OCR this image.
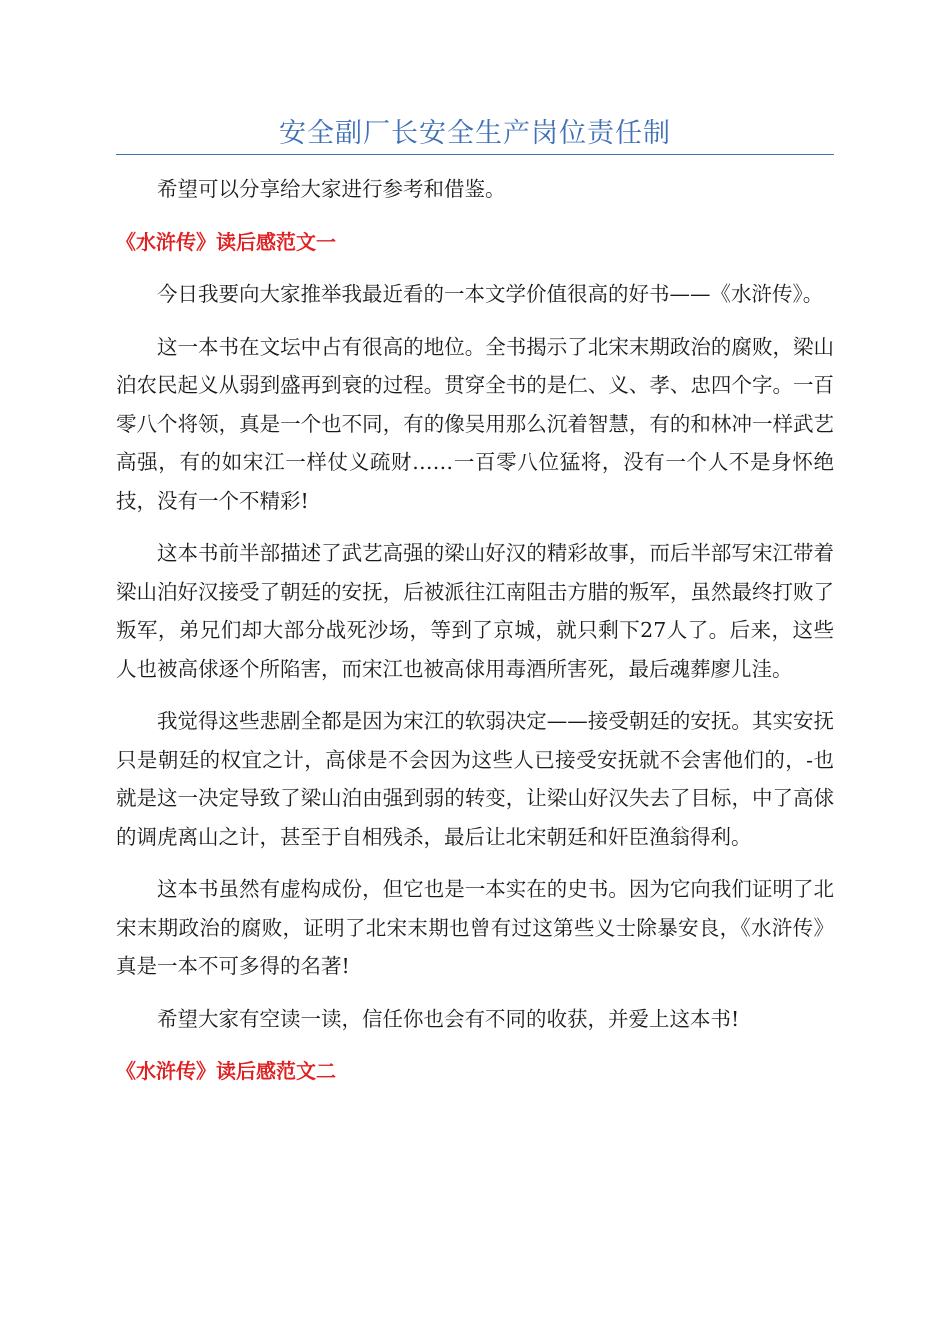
安全副厂长安全生产岗位责任制

希望可以分享给大家进行参考和借鉴。

《水浒传》读后感范文一

今日我要向大家推举我最近看的一本文学价值很高的好书——《水浒传》。

这一本书在文坛中占有很高的地位。全书揭示了北宋末期政治的腐败，梁山泊农民起义从弱到盛再到衰的过程。贯穿全书的是仁、义、孝、忠四个字。一百零八个将领，真是一个也不同，有的像吴用那么沉着智慧，有的和林冲一样武艺高强，有的如宋江一样仗义疏财……一百零八位猛将，没有一个人不是身怀绝技，没有一个不精彩!

这本书前半部描述了武艺高强的梁山好汉的精彩故事，而后半部写宋江带着梁山泊好汉接受了朝廷的安抚，后被派往江南阻击方腊的叛军，虽然最终打败了叛军，弟兄们却大部分战死沙场，等到了京城，就只剩下27人了。后来，这些人也被高俅逐个所陷害，而宋江也被高俅用毒酒所害死，最后魂葬廖儿洼。

我觉得这些悲剧全都是因为宋江的软弱决定——接受朝廷的安抚。其实安抚只是朝廷的权宜之计，高俅是不会因为这些人已接受安抚就不会害他们的，-也就是这一决定导致了梁山泊由强到弱的转变，让梁山好汉失去了目标，中了高俅的调虎离山之计，甚至于自相残杀，最后让北宋朝廷和奸臣渔翁得利。

这本书虽然有虚构成份，但它也是一本实在的史书。因为它向我们证明了北宋末期政治的腐败，证明了北宋末期也曾有过这第些义士除暴安良，《水浒传》真是一本不可多得的名著!

希望大家有空读一读，信任你也会有不同的收获，并爱上这本书!

《水浒传》读后感范文二
